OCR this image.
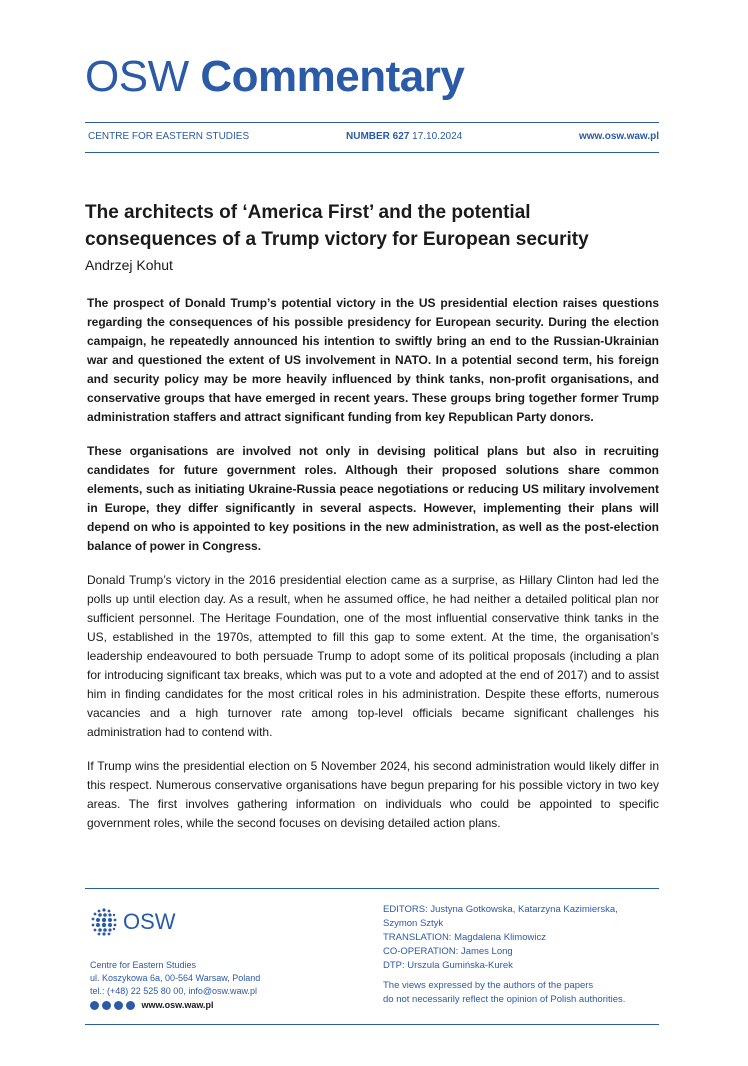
OSW Commentary
CENTRE FOR EASTERN STUDIES	NUMBER 627 17.10.2024	www.osw.waw.pl
The architects of ‘America First’ and the potential
consequences of a Trump victory for European security
Andrzej Kohut

The prospect of Donald Trump’s potential victory in the US presidential election raises questions regarding the consequences of his possible presidency for European security. During the election campaign, he repeatedly announced his intention to swiftly bring an end to the Russian-Ukrainian war and questioned the extent of US involvement in NATO. In a potential second term, his foreign and security policy may be more heavily influenced by think tanks, non-profit organisations, and conservative groups that have emerged in recent years. These groups bring together former Trump administration staffers and attract significant funding from key Republican Party donors.

These organisations are involved not only in devising political plans but also in recruiting candidates for future government roles. Although their proposed solutions share common elements, such as initiating Ukraine-Russia peace negotiations or reducing US military involvement in Europe, they differ significantly in several aspects. However, implementing their plans will depend on who is appointed to key positions in the new administration, as well as the post-election balance of power in Congress.

Donald Trump’s victory in the 2016 presidential election came as a surprise, as Hillary Clinton had led the polls up until election day. As a result, when he assumed office, he had neither a detailed political plan nor sufficient personnel. The Heritage Foundation, one of the most influential conservative think tanks in the US, established in the 1970s, attempted to fill this gap to some extent. At the time, the organisation’s leadership endeavoured to both persuade Trump to adopt some of its political proposals (including a plan for introducing significant tax breaks, which was put to a vote and adopted at the end of 2017) and to assist him in finding candidates for the most critical roles in his administration. Despite these efforts, numerous vacancies and a high turnover rate among top-level officials became significant challenges his administration had to contend with.

If Trump wins the presidential election on 5 November 2024, his second administration would likely differ in this respect. Numerous conservative organisations have begun preparing for his possible victory in two key areas. The first involves gathering information on individuals who could be appointed to specific government roles, while the second focuses on devising detailed action plans.

OSW
Centre for Eastern Studies
ul. Koszykowa 6a, 00-564 Warsaw, Poland
tel.: (+48) 22 525 80 00, info@osw.waw.pl
www.osw.waw.pl
EDITORS: Justyna Gotkowska, Katarzyna Kazimierska,
Szymon Sztyk
TRANSLATION: Magdalena Klimowicz
CO-OPERATION: James Long
DTP: Urszula Gumińska-Kurek
The views expressed by the authors of the papers
do not necessarily reflect the opinion of Polish authorities.
